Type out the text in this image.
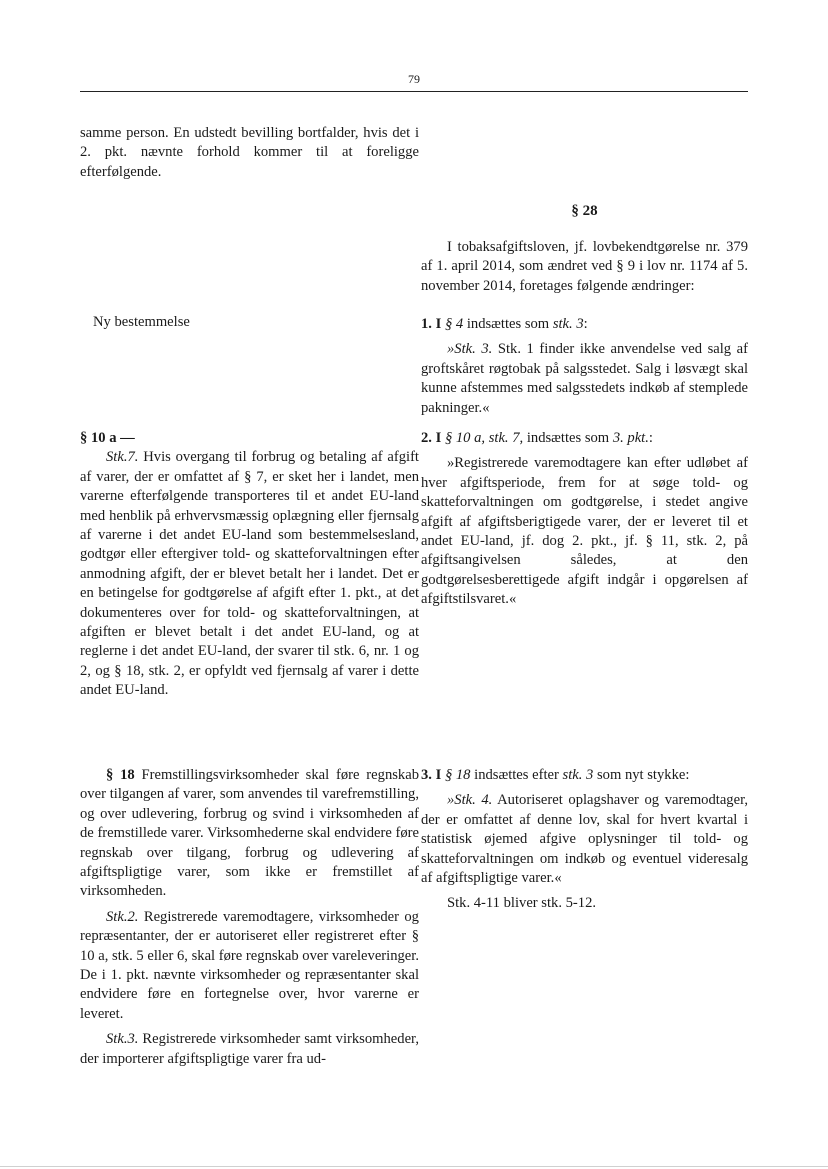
79

samme person. En udstedt bevilling bortfalder, hvis det i 2. pkt. nævnte forhold kommer til at foreligge efterfølgende.

Ny bestemmelse

§ 10 a —

Stk.7. Hvis overgang til forbrug og betaling af afgift af varer, der er omfattet af § 7, er sket her i landet, men varerne efterfølgende transporteres til et andet EU-land med henblik på erhvervsmæssig oplægning eller fjernsalg af varerne i det andet EU-land som bestemmelsesland, godtgør eller eftergiver told- og skatteforvaltningen efter anmodning afgift, der er blevet betalt her i landet. Det er en betingelse for godtgørelse af afgift efter 1. pkt., at det dokumenteres over for told- og skatteforvaltningen, at afgiften er blevet betalt i det andet EU-land, og at reglerne i det andet EU-land, der svarer til stk. 6, nr. 1 og 2, og § 18, stk. 2, er opfyldt ved fjernsalg af varer i dette andet EU-land.

§ 18 Fremstillingsvirksomheder skal føre regnskab over tilgangen af varer, som anvendes til varefremstilling, og over udlevering, forbrug og svind i virksomheden af de fremstillede varer. Virksomhederne skal endvidere føre regnskab over tilgang, forbrug og udlevering af afgiftspligtige varer, som ikke er fremstillet af virksomheden.

Stk.2. Registrerede varemodtagere, virksomheder og repræsentanter, der er autoriseret eller registreret efter § 10 a, stk. 5 eller 6, skal føre regnskab over vareleveringer. De i 1. pkt. nævnte virksomheder og repræsentanter skal endvidere føre en fortegnelse over, hvor varerne er leveret.

Stk.3. Registrerede virksomheder samt virksomheder, der importerer afgiftspligtige varer fra ud-

§ 28

I tobaksafgiftsloven, jf. lovbekendtgørelse nr. 379 af 1. april 2014, som ændret ved § 9 i lov nr. 1174 af 5. november 2014, foretages følgende ændringer:

1. I § 4 indsættes som stk. 3:

»Stk. 3. Stk. 1 finder ikke anvendelse ved salg af groftskåret røgtobak på salgsstedet. Salg i løsvægt skal kunne afstemmes med salgsstedets indkøb af stemplede pakninger.«

2. I § 10 a, stk. 7, indsættes som 3. pkt.:

»Registrerede varemodtagere kan efter udløbet af hver afgiftsperiode, frem for at søge told- og skatteforvaltningen om godtgørelse, i stedet angive afgift af afgiftsberigtigede varer, der er leveret til et andet EU-land, jf. dog 2. pkt., jf. § 11, stk. 2, på afgiftsangivelsen således, at den godtgørelsesberettigede afgift indgår i opgørelsen af afgiftstilsvaret.«

3. I § 18 indsættes efter stk. 3 som nyt stykke:

»Stk. 4. Autoriseret oplagshaver og varemodtager, der er omfattet af denne lov, skal for hvert kvartal i statistisk øjemed afgive oplysninger til told- og skatteforvaltningen om indkøb og eventuel videresalg af afgiftspligtige varer.«

Stk. 4-11 bliver stk. 5-12.
